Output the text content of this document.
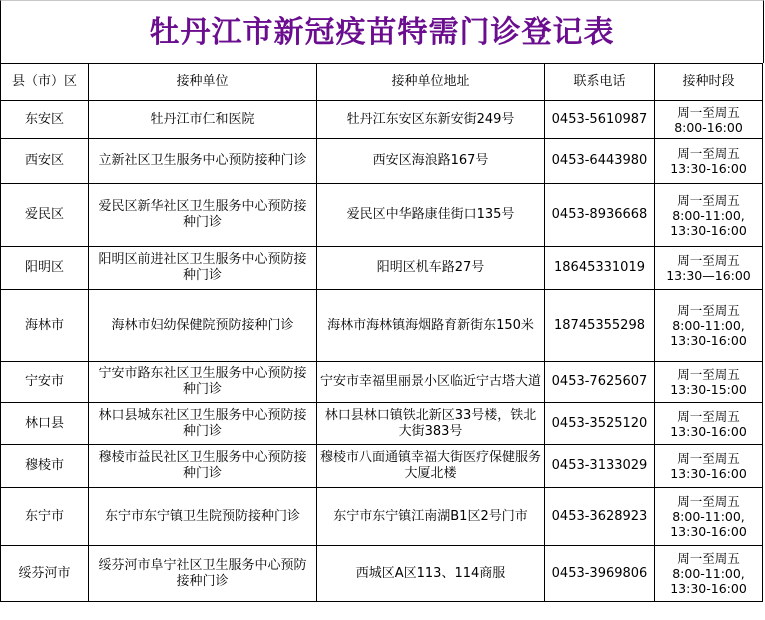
牡丹江市新冠疫苗特需门诊登记表
县（市）区	接种单位	接种单位地址	联系电话	接种时段
东安区	牡丹江市仁和医院	牡丹江东安区东新安街249号	0453-5610987	周一至周五
8:00-16:00

西安区	立新社区卫生服务中心预防接种门诊	西安区海浪路167号	0453-6443980	周一至周五
13:30-16:00

爱民区	爱民区新华社区卫生服务中心预防接种门诊	爱民区中华路康佳街口135号	0453-8936668	周一至周五
8:00-11:00,
13:30-16:00

阳明区	阳明区前进社区卫生服务中心预防接种门诊	阳明区机车路27号	18645331019	周一至周五
13:30—16:00

海林市	海林市妇幼保健院预防接种门诊	海林市海林镇海烟路育新街东150米	18745355298	周一至周五
8:00-11:00,
13:30-16:00

宁安市	宁安市路东社区卫生服务中心预防接种门诊	宁安市幸福里丽景小区临近宁古塔大道	0453-7625607	周一至周五
13:30-15:00

林口县	林口县城东社区卫生服务中心预防接种门诊	林口县林口镇铁北新区33号楼，铁北大街383号	0453-3525120	周一至周五
13:30-16:00

穆棱市	穆棱市益民社区卫生服务中心预防接种门诊	穆棱市八面通镇幸福大街医疗保健服务大厦北楼	0453-3133029	周一至周五
13:30-16:00

东宁市	东宁市东宁镇卫生院预防接种门诊	东宁市东宁镇江南湖B1区2号门市	0453-3628923	周一至周五
8:00-11:00,
13:30-16:00

绥芬河市	绥芬河市阜宁社区卫生服务中心预防接种门诊	西城区A区113、114商服	0453-3969806	周一至周五
8:00-11:00,
13:30-16:00
